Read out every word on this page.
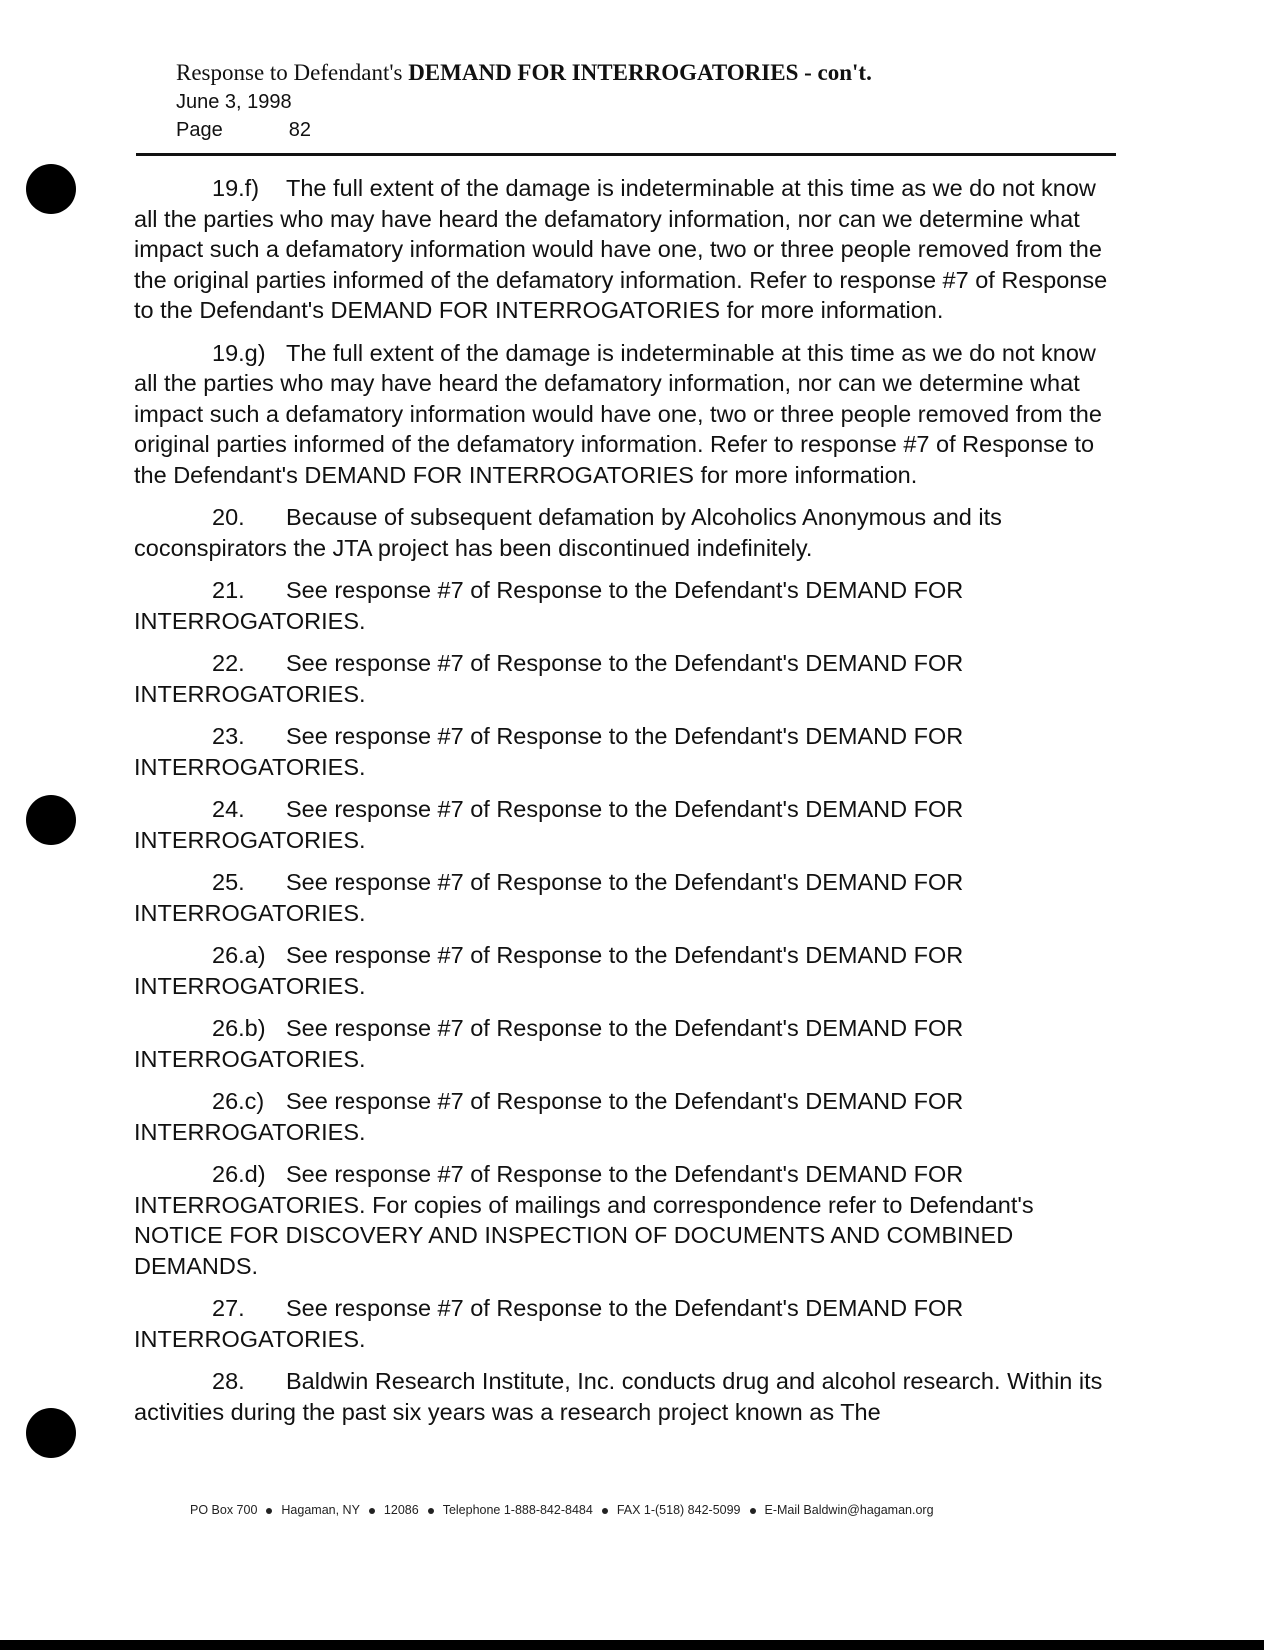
Response to Defendant's DEMAND FOR INTERROGATORIES - con't.
June 3, 1998
Page	82

19.f) The full extent of the damage is indeterminable at this time as we do not know all the parties who may have heard the defamatory information, nor can we determine what impact such a defamatory information would have one, two or three people removed from the the original parties informed of the defamatory information. Refer to response #7 of Response to the Defendant's DEMAND FOR INTERROGATORIES for more information.

19.g) The full extent of the damage is indeterminable at this time as we do not know all the parties who may have heard the defamatory information, nor can we determine what impact such a defamatory information would have one, two or three people removed from the original parties informed of the defamatory information. Refer to response #7 of Response to the Defendant's DEMAND FOR INTERROGATORIES for more information.

20. Because of subsequent defamation by Alcoholics Anonymous and its coconspirators the JTA project has been discontinued indefinitely.

21. See response #7 of Response to the Defendant's DEMAND FOR INTERROGATORIES.

22. See response #7 of Response to the Defendant's DEMAND FOR INTERROGATORIES.

23. See response #7 of Response to the Defendant's DEMAND FOR INTERROGATORIES.

24. See response #7 of Response to the Defendant's DEMAND FOR INTERROGATORIES.

25. See response #7 of Response to the Defendant's DEMAND FOR INTERROGATORIES.

26.a) See response #7 of Response to the Defendant's DEMAND FOR INTERROGATORIES.

26.b) See response #7 of Response to the Defendant's DEMAND FOR INTERROGATORIES.

26.c) See response #7 of Response to the Defendant's DEMAND FOR INTERROGATORIES.

26.d) See response #7 of Response to the Defendant's DEMAND FOR INTERROGATORIES. For copies of mailings and correspondence refer to Defendant's NOTICE FOR DISCOVERY AND INSPECTION OF DOCUMENTS AND COMBINED DEMANDS.

27. See response #7 of Response to the Defendant's DEMAND FOR INTERROGATORIES.

28. Baldwin Research Institute, Inc. conducts drug and alcohol research. Within its activities during the past six years was a research project known as The

PO Box 700 Hagaman, NY 12086 Telephone 1-888-842-8484 FAX 1-(518) 842-5099 E-Mail Baldwin@hagaman.org
